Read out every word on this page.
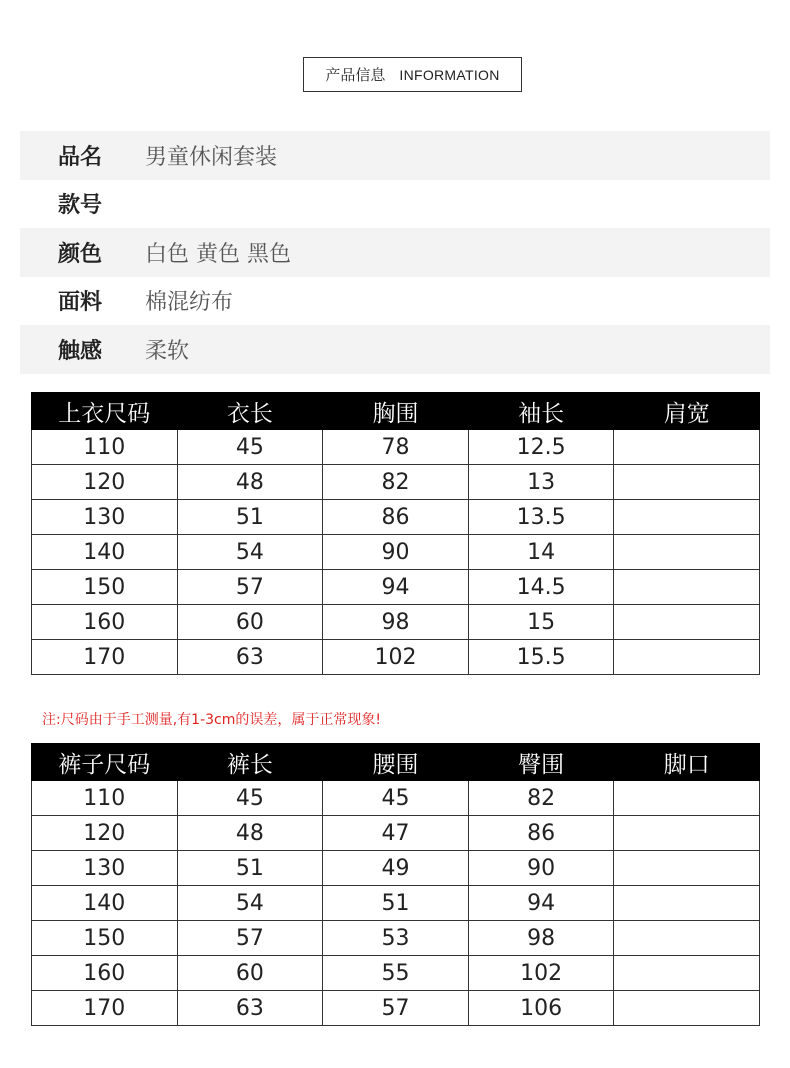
产品信息 INFORMATION
品名	男童休闲套装
款号
颜色	白色 黄色 黑色
面料	棉混纺布
触感	柔软
上衣尺码	衣长	胸围	袖长	肩宽
110	45	78	12.5	
120	48	82	13	
130	51	86	13.5	
140	54	90	14	
150	57	94	14.5	
160	60	98	15	
170	63	102	15.5	
注:尺码由于手工测量,有1-3cm的误差，属于正常现象!
裤子尺码	裤长	腰围	臀围	脚口
110	45	45	82	
120	48	47	86	
130	51	49	90	
140	54	51	94	
150	57	53	98	
160	60	55	102	
170	63	57	106	
